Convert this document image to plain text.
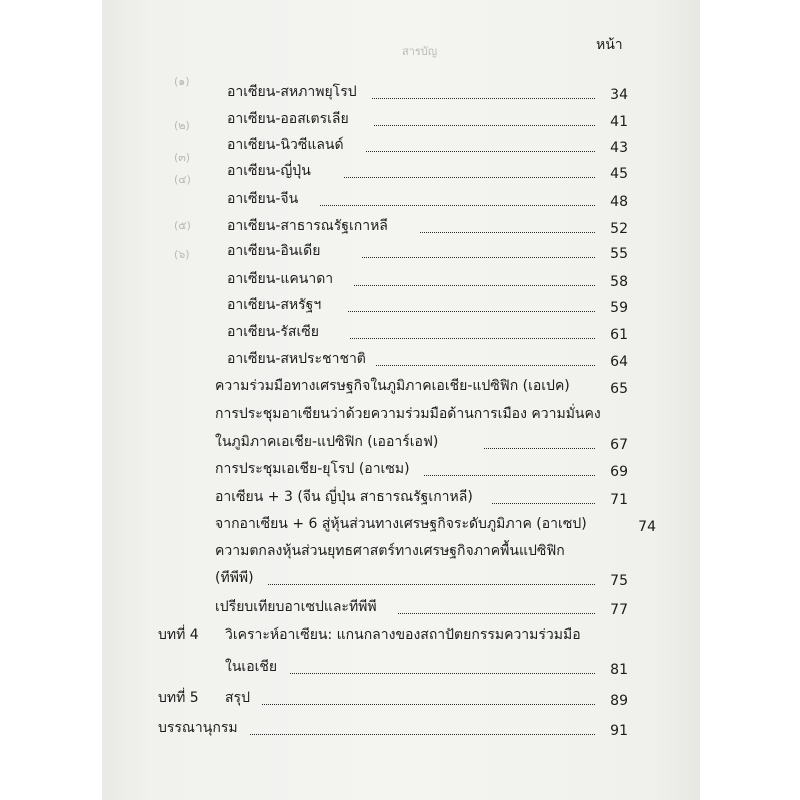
สารบัญ
(๑)
(๒)
(๓)
(๔)
(๕)
(๖)
หน้า
อาเซียน-สหภาพยุโรป	34
อาเซียน-ออสเตรเลีย	41
อาเซียน-นิวซีแลนด์	43
อาเซียน-ญี่ปุ่น	45
อาเซียน-จีน	48
อาเซียน-สาธารณรัฐเกาหลี	52
อาเซียน-อินเดีย	55
อาเซียน-แคนาดา	58
อาเซียน-สหรัฐฯ	59
อาเซียน-รัสเซีย	61
อาเซียน-สหประชาชาติ	64
ความร่วมมือทางเศรษฐกิจในภูมิภาคเอเชีย-แปซิฟิก (เอเปค)	65
การประชุมอาเซียนว่าด้วยความร่วมมือด้านการเมือง ความมั่นคง
ในภูมิภาคเอเชีย-แปซิฟิก (เออาร์เอฟ)	67
การประชุมเอเชีย-ยุโรป (อาเซม)	69
อาเซียน + 3 (จีน ญี่ปุ่น สาธารณรัฐเกาหลี)	71
จากอาเซียน + 6 สู่หุ้นส่วนทางเศรษฐกิจระดับภูมิภาค (อาเซป)	74
ความตกลงหุ้นส่วนยุทธศาสตร์ทางเศรษฐกิจภาคพื้นแปซิฟิก
(ทีพีพี)	75
เปรียบเทียบอาเซปและทีพีพี	77
บทที่ 4 วิเคราะห์อาเซียน: แกนกลางของสถาปัตยกรรมความร่วมมือ
ในเอเชีย	81
บทที่ 5 สรุป	89
บรรณานุกรม	91
